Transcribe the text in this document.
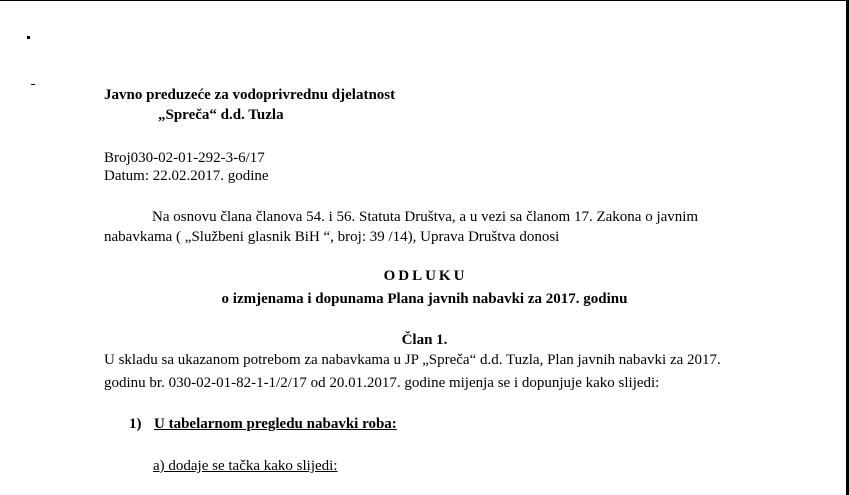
Javno preduzeće za vodoprivrednu djelatnost
„Spreča“ d.d. Tuzla
Broj030-02-01-292-3-6/17
Datum: 22.02.2017. godine
Na osnovu člana članova 54. i 56. Statuta Društva, a u vezi sa članom 17. Zakona o javnim
nabavkama ( „Službeni glasnik BiH “, broj: 39 /14), Uprava Društva donosi
ODLUKU
o izmjenama i dopunama Plana javnih nabavki za 2017. godinu
Član 1.
U skladu sa ukazanom potrebom za nabavkama u JP „Spreča“ d.d. Tuzla, Plan javnih nabavki za 2017.
godinu br. 030-02-01-82-1-1/2/17 od 20.01.2017. godine mijenja se i dopunjuje kako slijedi:
1) U tabelarnom pregledu nabavki roba:
a) dodaje se tačka kako slijedi:
